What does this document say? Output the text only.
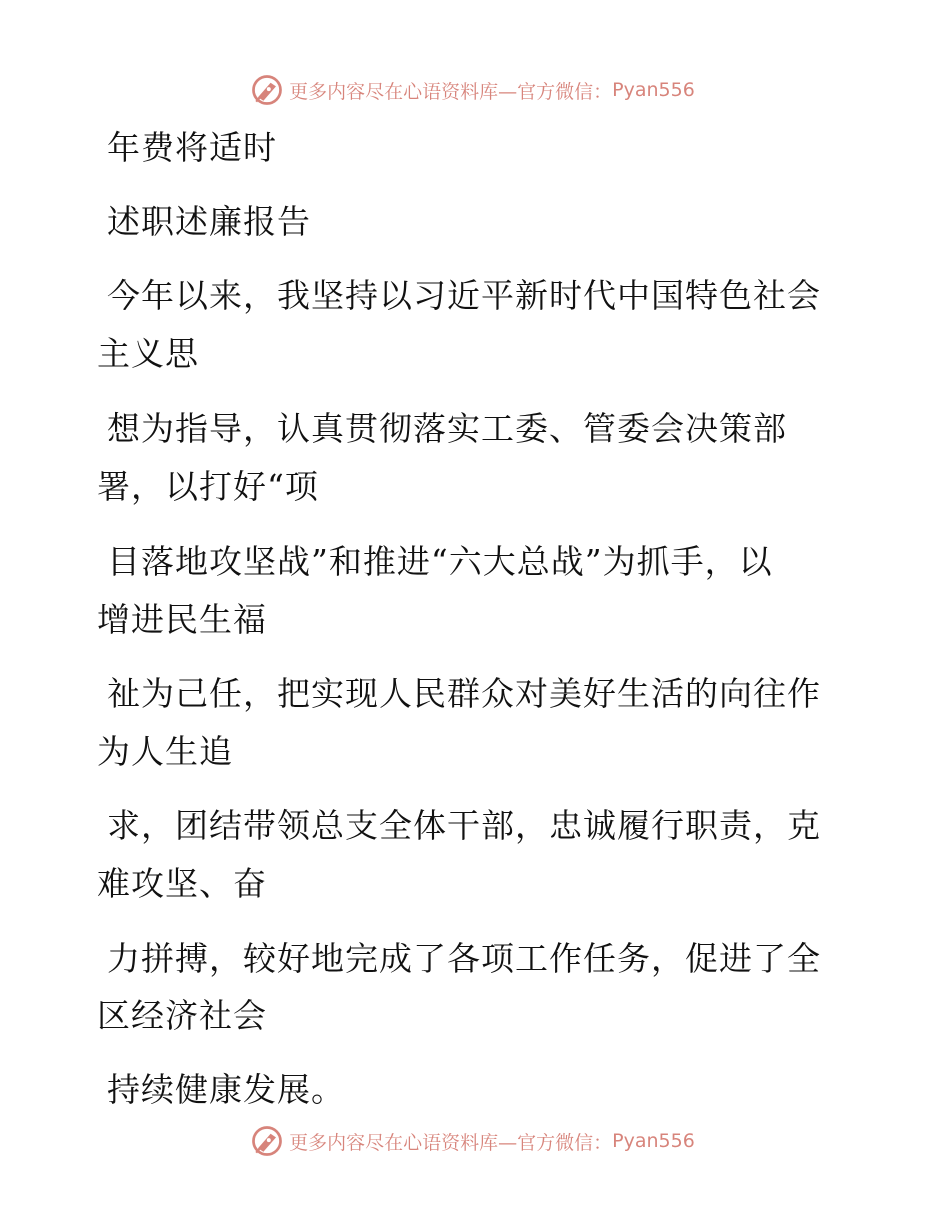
更多内容尽在心语资料库—官方微信： Pyan556
年费将适时
述职述廉报告
今年以来，我坚持以习近平新时代中国特色社会
主义思
想为指导，认真贯彻落实工委、管委会决策部
署，以打好“项
目落地攻坚战”和推进“六大总战”为抓手，以
增进民生福
祉为己任，把实现人民群众对美好生活的向往作
为人生追
求，团结带领总支全体干部，忠诚履行职责，克
难攻坚、奋
力拼搏，较好地完成了各项工作任务，促进了全
区经济社会
持续健康发展。
更多内容尽在心语资料库—官方微信： Pyan556
